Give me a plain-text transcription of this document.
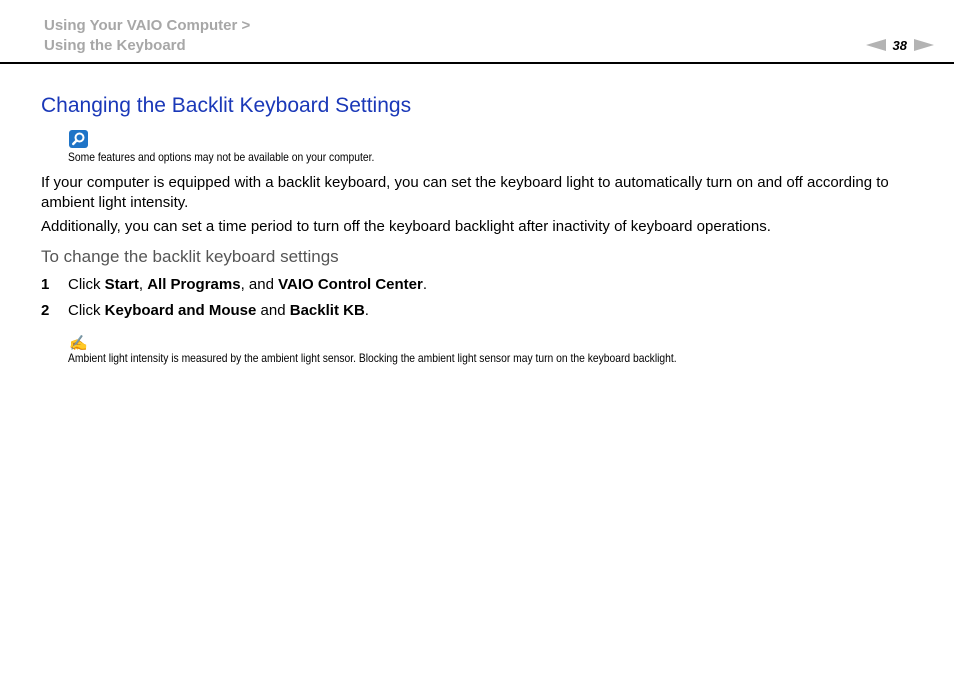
Using Your VAIO Computer >
Using the Keyboard	38
Changing the Backlit Keyboard Settings
Some features and options may not be available on your computer.

If your computer is equipped with a backlit keyboard, you can set the keyboard light to automatically turn on and off according to ambient light intensity.

Additionally, you can set a time period to turn off the keyboard backlight after inactivity of keyboard operations.

To change the backlit keyboard settings
1 Click Start, All Programs, and VAIO Control Center.
2 Click Keyboard and Mouse and Backlit KB.
✍
Ambient light intensity is measured by the ambient light sensor. Blocking the ambient light sensor may turn on the keyboard backlight.
